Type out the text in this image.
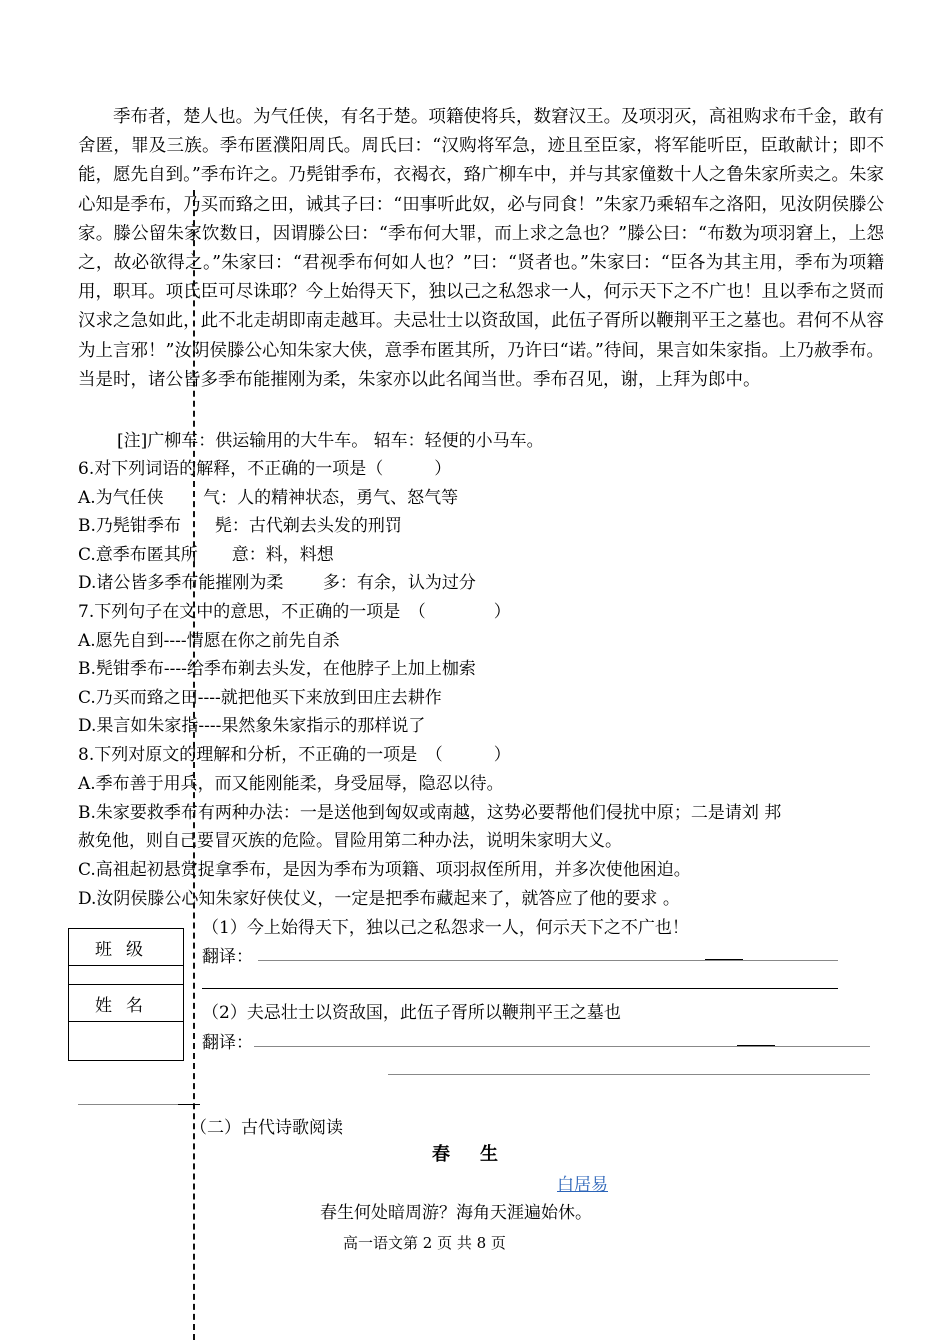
季布者，楚人也。为气任侠，有名于楚。项籍使将兵，数窘汉王。及项羽灭，高祖购求布千金，敢有舍匿，罪及三族。季布匿濮阳周氏。周氏曰：“汉购将军急，迹且至臣家，将军能听臣，臣敢献计；即不能，愿先自到。”季布许之。乃髡钳季布，衣褐衣，臵广柳车中，并与其家僮数十人之鲁朱家所卖之。朱家心知是季布，乃买而臵之田，诫其子曰：“田事听此奴，必与同食！”朱家乃乘轺车之洛阳，见汝阴侯滕公家。滕公留朱家饮数日，因谓滕公曰：“季布何大罪，而上求之急也？”滕公曰：“布数为项羽窘上，上怨之，故必欲得之。”朱家曰：“君视季布何如人也？”曰：“贤者也。”朱家曰：“臣各为其主用，季布为项籍用，职耳。项氏臣可尽诛耶？今上始得天下，独以己之私怨求一人，何示天下之不广也！且以季布之贤而汉求之急如此，此不北走胡即南走越耳。夫忌壮士以资敌国，此伍子胥所以鞭荆平王之墓也。君何不从容为上言邪！”汝阴侯滕公心知朱家大侠，意季布匿其所，乃许曰“诺。”待间，果言如朱家指。上乃赦季布。当是时，诸公皆多季布能摧刚为柔，朱家亦以此名闻当世。季布召见，谢，上拜为郎中。

[注]广柳车：供运输用的大牛车。 轺车：轻便的小马车。
6.对下列词语的解释，不正确的一项是（　　　）
A.为气任侠　　 气：人的精神状态，勇气、怒气等
B.乃髡钳季布　　髡：古代剃去头发的刑罚
C.意季布匿其所　　意：料，料想
D.诸公皆多季布能摧刚为柔　　 多：有余，认为过分
7.下列句子在文中的意思，不正确的一项是　（　　　　）
A.愿先自到----情愿在你之前先自杀
B.髡钳季布----给季布剃去头发，在他脖子上加上枷索
C.乃买而臵之田----就把他买下来放到田庄去耕作
D.果言如朱家指----果然象朱家指示的那样说了
8.下列对原文的理解和分析，不正确的一项是　（　　　）
A.季布善于用兵，而又能刚能柔，身受屈辱，隐忍以待。
B.朱家要救季布有两种办法：一是送他到匈奴或南越，这势必要帮他们侵扰中原；二是请刘 邦
赦免他，则自己要冒灭族的危险。冒险用第二种办法，说明朱家明大义。
C.高祖起初悬赏捉拿季布，是因为季布为项籍、项羽叔侄所用，并多次使他困迫。
D.汝阴侯滕公心知朱家好侠仗义，一定是把季布藏起来了，就答应了他的要求 。
班级

姓名

（1）今上始得天下，独以己之私怨求一人，何示天下之不广也！
翻译：
（2）夫忌壮士以资敌国，此伍子胥所以鞭荆平王之墓也
翻译：
（二）古代诗歌阅读
春生
白居易
春生何处暗周游？海角天涯遍始休。
高一语文第 2 页 共 8 页
